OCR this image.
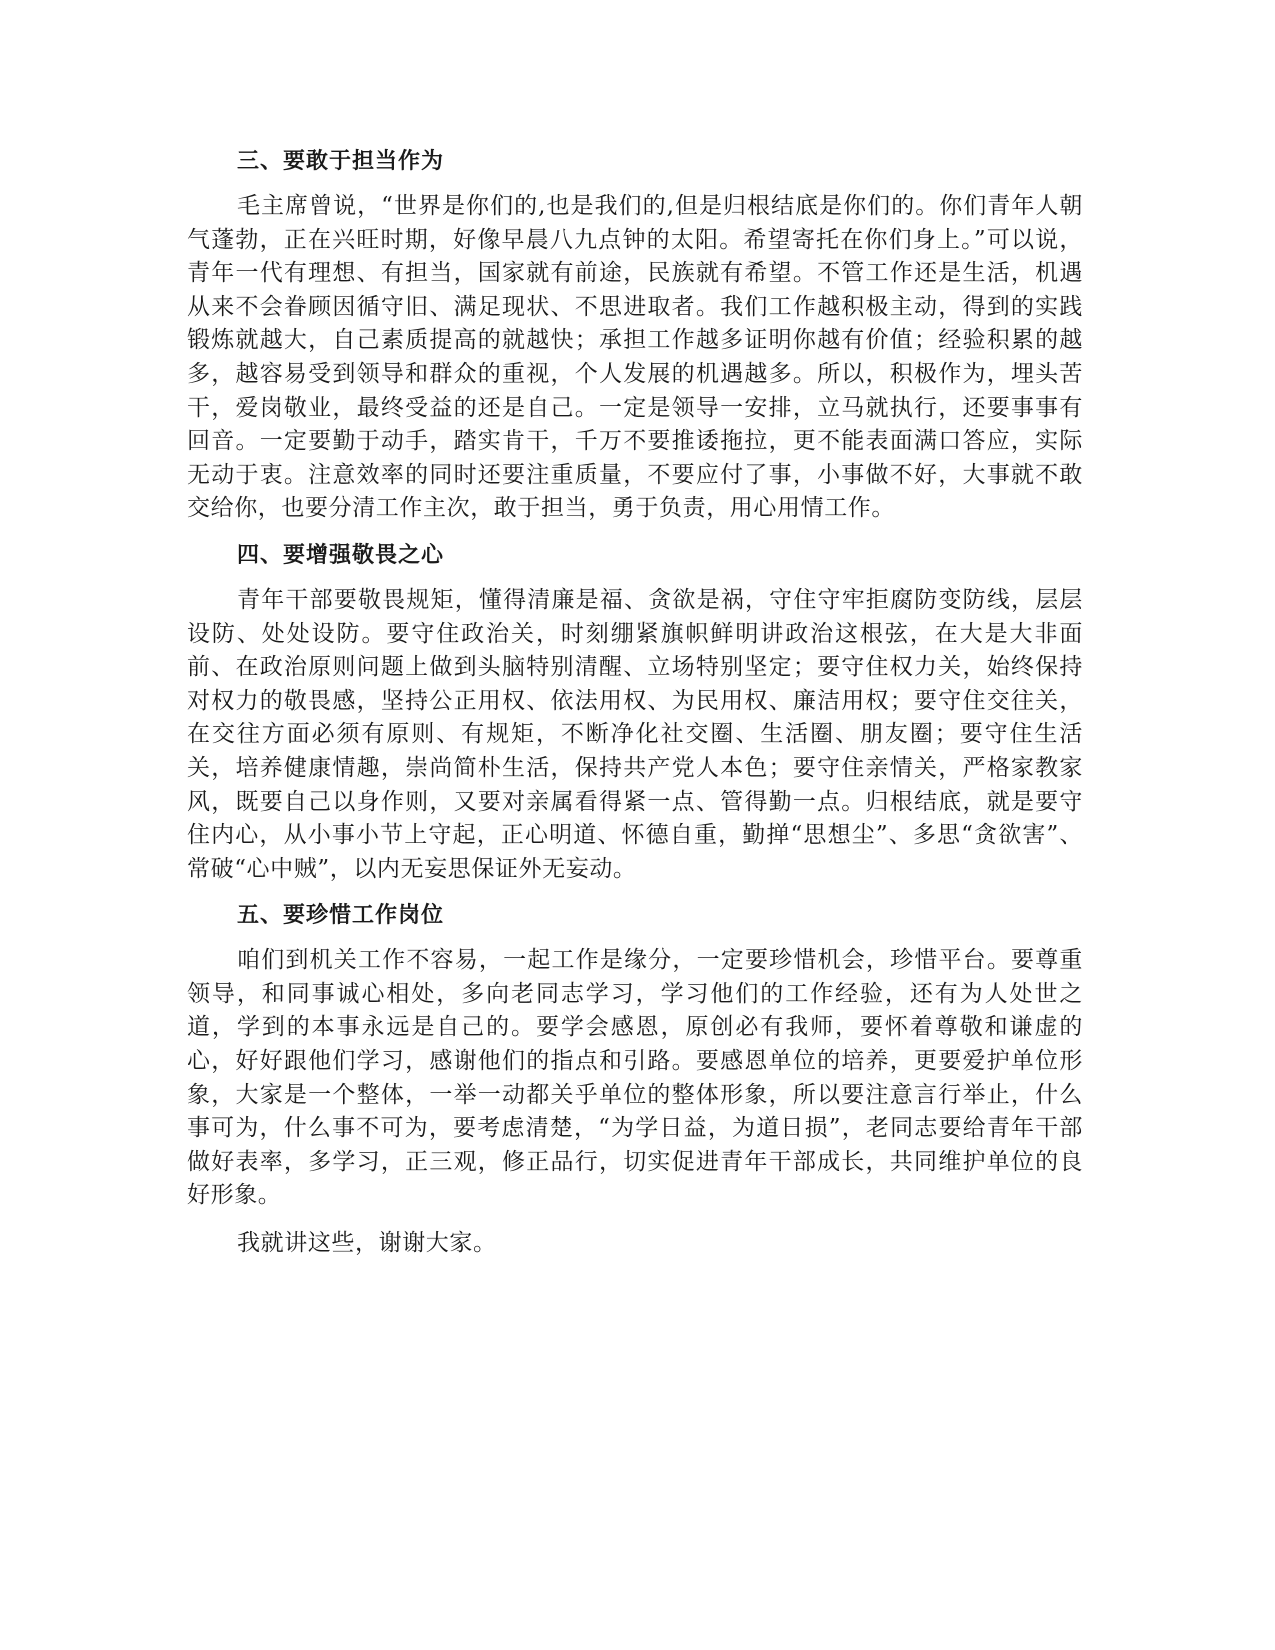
三、要敢于担当作为

毛主席曾说，“世界是你们的,也是我们的,但是归根结底是你们的。你们青年人朝气蓬勃，正在兴旺时期，好像早晨八九点钟的太阳。希望寄托在你们身上。”可以说，青年一代有理想、有担当，国家就有前途，民族就有希望。不管工作还是生活，机遇从来不会眷顾因循守旧、满足现状、不思进取者。我们工作越积极主动，得到的实践锻炼就越大，自己素质提高的就越快；承担工作越多证明你越有价值；经验积累的越多，越容易受到领导和群众的重视，个人发展的机遇越多。所以，积极作为，埋头苦干，爱岗敬业，最终受益的还是自己。一定是领导一安排，立马就执行，还要事事有回音。一定要勤于动手，踏实肯干，千万不要推诿拖拉，更不能表面满口答应，实际无动于衷。注意效率的同时还要注重质量，不要应付了事，小事做不好，大事就不敢交给你，也要分清工作主次，敢于担当，勇于负责，用心用情工作。

四、要增强敬畏之心

青年干部要敬畏规矩，懂得清廉是福、贪欲是祸，守住守牢拒腐防变防线，层层设防、处处设防。要守住政治关，时刻绷紧旗帜鲜明讲政治这根弦，在大是大非面前、在政治原则问题上做到头脑特别清醒、立场特别坚定；要守住权力关，始终保持对权力的敬畏感，坚持公正用权、依法用权、为民用权、廉洁用权；要守住交往关，在交往方面必须有原则、有规矩，不断净化社交圈、生活圈、朋友圈；要守住生活关，培养健康情趣，崇尚简朴生活，保持共产党人本色；要守住亲情关，严格家教家风，既要自己以身作则，又要对亲属看得紧一点、管得勤一点。归根结底，就是要守住内心，从小事小节上守起，正心明道、怀德自重，勤掸“思想尘”、多思“贪欲害”、常破“心中贼”，以内无妄思保证外无妄动。

五、要珍惜工作岗位

咱们到机关工作不容易，一起工作是缘分，一定要珍惜机会，珍惜平台。要尊重领导，和同事诚心相处，多向老同志学习，学习他们的工作经验，还有为人处世之道，学到的本事永远是自己的。要学会感恩，原创必有我师，要怀着尊敬和谦虚的心，好好跟他们学习，感谢他们的指点和引路。要感恩单位的培养，更要爱护单位形象，大家是一个整体，一举一动都关乎单位的整体形象，所以要注意言行举止，什么事可为，什么事不可为，要考虑清楚，“为学日益，为道日损”，老同志要给青年干部做好表率，多学习，正三观，修正品行，切实促进青年干部成长，共同维护单位的良好形象。

我就讲这些，谢谢大家。
